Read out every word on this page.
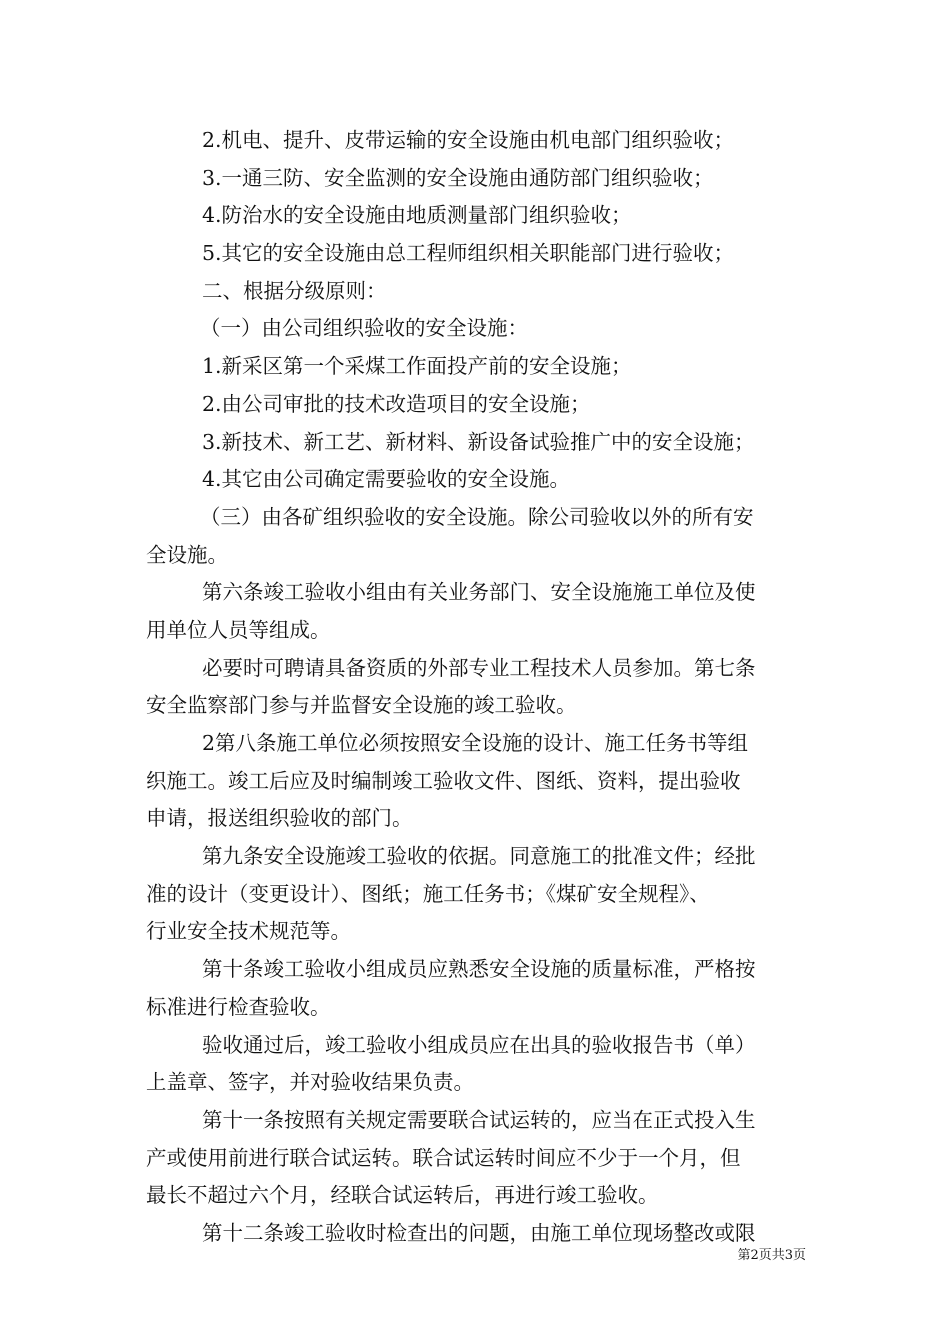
2.机电、提升、皮带运输的安全设施由机电部门组织验收；
3.一通三防、安全监测的安全设施由通防部门组织验收；
4.防治水的安全设施由地质测量部门组织验收；
5.其它的安全设施由总工程师组织相关职能部门进行验收；
二、根据分级原则：
（一）由公司组织验收的安全设施：
1.新采区第一个采煤工作面投产前的安全设施；
2.由公司审批的技术改造项目的安全设施；
3.新技术、新工艺、新材料、新设备试验推广中的安全设施；
4.其它由公司确定需要验收的安全设施。
（三）由各矿组织验收的安全设施。除公司验收以外的所有安
全设施。
第六条竣工验收小组由有关业务部门、安全设施施工单位及使
用单位人员等组成。
必要时可聘请具备资质的外部专业工程技术人员参加。第七条
安全监察部门参与并监督安全设施的竣工验收。
2第八条施工单位必须按照安全设施的设计、施工任务书等组
织施工。竣工后应及时编制竣工验收文件、图纸、资料，提出验收
申请，报送组织验收的部门。
第九条安全设施竣工验收的依据。同意施工的批准文件；经批
准的设计（变更设计）、图纸；施工任务书；《煤矿安全规程》、
行业安全技术规范等。
第十条竣工验收小组成员应熟悉安全设施的质量标准，严格按
标准进行检查验收。
验收通过后，竣工验收小组成员应在出具的验收报告书（单）
上盖章、签字，并对验收结果负责。
第十一条按照有关规定需要联合试运转的，应当在正式投入生
产或使用前进行联合试运转。联合试运转时间应不少于一个月，但
最长不超过六个月，经联合试运转后，再进行竣工验收。
第十二条竣工验收时检查出的问题，由施工单位现场整改或限
第2页共3页
